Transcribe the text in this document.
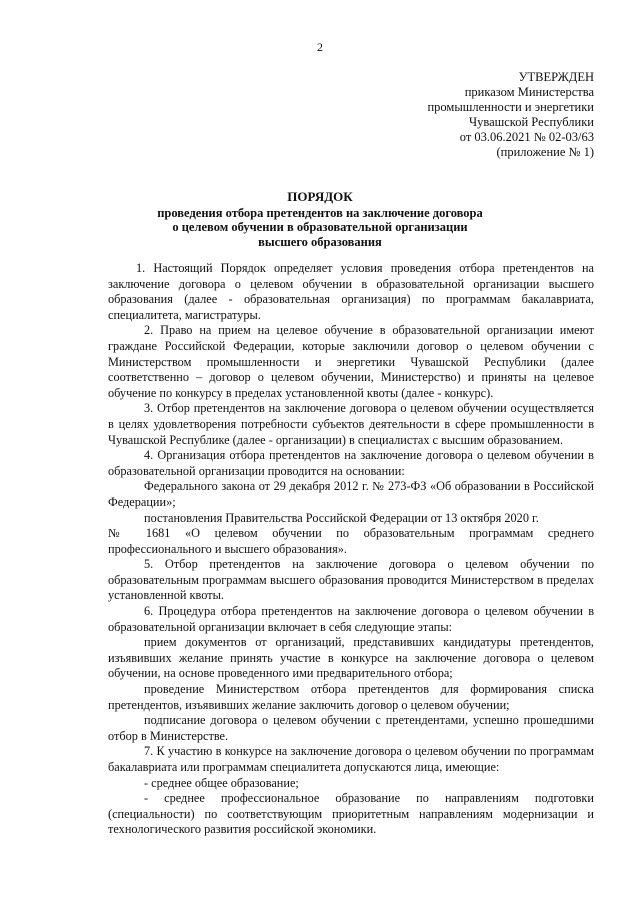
2
УТВЕРЖДЕН
приказом Министерства
промышленности и энергетики
Чувашской Республики
от 03.06.2021 № 02-03/63
(приложение № 1)
ПОРЯДОК
проведения отбора претендентов на заключение договора
о целевом обучении в образовательной организации
высшего образования

1. Настоящий Порядок определяет условия проведения отбора претендентов на заключение договора о целевом обучении в образовательной организации высшего образования (далее - образовательная организация) по программам бакалавриата, специалитета, магистратуры.

2. Право на прием на целевое обучение в образовательной организации имеют граждане Российской Федерации, которые заключили договор о целевом обучении с Министерством промышленности и энергетики Чувашской Республики (далее соответственно – договор о целевом обучении, Министерство) и приняты на целевое обучение по конкурсу в пределах установленной квоты (далее - конкурс).

3. Отбор претендентов на заключение договора о целевом обучении осуществляется в целях удовлетворения потребности субъектов деятельности в сфере промышленности в Чувашской Республике (далее - организации) в специалистах с высшим образованием.

4. Организация отбора претендентов на заключение договора о целевом обучении в образовательной организации проводится на основании:

Федерального закона от 29 декабря 2012 г. № 273-ФЗ «Об образовании в Российской Федерации»;

постановления Правительства Российской Федерации от 13 октября 2020 г.

№ 1681 «О целевом обучении по образовательным программам среднего профессионального и высшего образования».

5. Отбор претендентов на заключение договора о целевом обучении по образовательным программам высшего образования проводится Министерством в пределах установленной квоты.

6. Процедура отбора претендентов на заключение договора о целевом обучении в образовательной организации включает в себя следующие этапы:

прием документов от организаций, представивших кандидатуры претендентов, изъявивших желание принять участие в конкурсе на заключение договора о целевом обучении, на основе проведенного ими предварительного отбора;

проведение Министерством отбора претендентов для формирования списка претендентов, изъявивших желание заключить договор о целевом обучении;

подписание договора о целевом обучении с претендентами, успешно прошедшими отбор в Министерстве.

7. К участию в конкурсе на заключение договора о целевом обучении по программам бакалавриата или программам специалитета допускаются лица, имеющие:

- среднее общее образование;

- среднее профессиональное образование по направлениям подготовки (специальности) по соответствующим приоритетным направлениям модернизации и технологического развития российской экономики.
